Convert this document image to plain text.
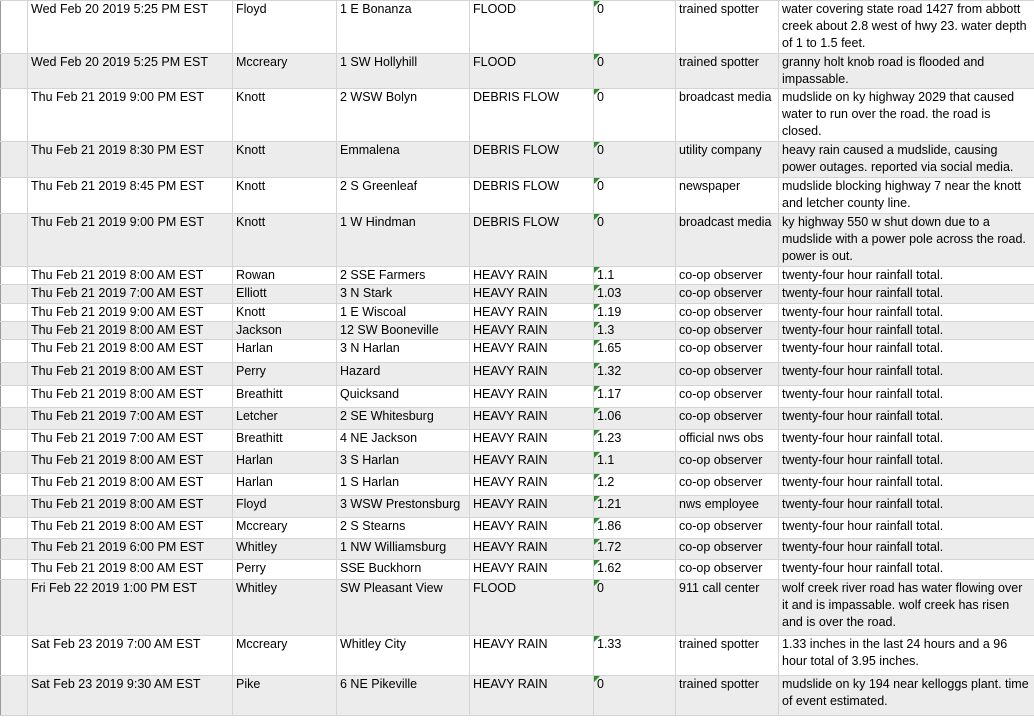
	Wed Feb 20 2019 5:25 PM EST	Floyd	1 E Bonanza	FLOOD	0	trained spotter	water covering state road 1427 from abbott creek about 2.8 west of hwy 23. water depth of 1 to 1.5 feet.
	Wed Feb 20 2019 5:25 PM EST	Mccreary	1 SW Hollyhill	FLOOD	0	trained spotter	granny holt knob road is flooded and impassable.
	Thu Feb 21 2019 9:00 PM EST	Knott	2 WSW Bolyn	DEBRIS FLOW	0	broadcast media	mudslide on ky highway 2029 that caused water to run over the road. the road is closed.
	Thu Feb 21 2019 8:30 PM EST	Knott	Emmalena	DEBRIS FLOW	0	utility company	heavy rain caused a mudslide, causing power outages. reported via social media.
	Thu Feb 21 2019 8:45 PM EST	Knott	2 S Greenleaf	DEBRIS FLOW	0	newspaper	mudslide blocking highway 7 near the knott and letcher county line.
	Thu Feb 21 2019 9:00 PM EST	Knott	1 W Hindman	DEBRIS FLOW	0	broadcast media	ky highway 550 w shut down due to a mudslide with a power pole across the road. power is out.
	Thu Feb 21 2019 8:00 AM EST	Rowan	2 SSE Farmers	HEAVY RAIN	1.1	co-op observer	twenty-four hour rainfall total.
	Thu Feb 21 2019 7:00 AM EST	Elliott	3 N Stark	HEAVY RAIN	1.03	co-op observer	twenty-four hour rainfall total.
	Thu Feb 21 2019 9:00 AM EST	Knott	1 E Wiscoal	HEAVY RAIN	1.19	co-op observer	twenty-four hour rainfall total.
	Thu Feb 21 2019 8:00 AM EST	Jackson	12 SW Booneville	HEAVY RAIN	1.3	co-op observer	twenty-four hour rainfall total.
	Thu Feb 21 2019 8:00 AM EST	Harlan	3 N Harlan	HEAVY RAIN	1.65	co-op observer	twenty-four hour rainfall total.
	Thu Feb 21 2019 8:00 AM EST	Perry	Hazard	HEAVY RAIN	1.32	co-op observer	twenty-four hour rainfall total.
	Thu Feb 21 2019 8:00 AM EST	Breathitt	Quicksand	HEAVY RAIN	1.17	co-op observer	twenty-four hour rainfall total.
	Thu Feb 21 2019 7:00 AM EST	Letcher	2 SE Whitesburg	HEAVY RAIN	1.06	co-op observer	twenty-four hour rainfall total.
	Thu Feb 21 2019 7:00 AM EST	Breathitt	4 NE Jackson	HEAVY RAIN	1.23	official nws obs	twenty-four hour rainfall total.
	Thu Feb 21 2019 8:00 AM EST	Harlan	3 S Harlan	HEAVY RAIN	1.1	co-op observer	twenty-four hour rainfall total.
	Thu Feb 21 2019 8:00 AM EST	Harlan	1 S Harlan	HEAVY RAIN	1.2	co-op observer	twenty-four hour rainfall total.
	Thu Feb 21 2019 8:00 AM EST	Floyd	3 WSW Prestonsburg	HEAVY RAIN	1.21	nws employee	twenty-four hour rainfall total.
	Thu Feb 21 2019 8:00 AM EST	Mccreary	2 S Stearns	HEAVY RAIN	1.86	co-op observer	twenty-four hour rainfall total.
	Thu Feb 21 2019 6:00 PM EST	Whitley	1 NW Williamsburg	HEAVY RAIN	1.72	co-op observer	twenty-four hour rainfall total.
	Thu Feb 21 2019 8:00 AM EST	Perry	SSE Buckhorn	HEAVY RAIN	1.62	co-op observer	twenty-four hour rainfall total.
	Fri Feb 22 2019 1:00 PM EST	Whitley	SW Pleasant View	FLOOD	0	911 call center	wolf creek river road has water flowing over it and is impassable. wolf creek has risen and is over the road.
	Sat Feb 23 2019 7:00 AM EST	Mccreary	Whitley City	HEAVY RAIN	1.33	trained spotter	1.33 inches in the last 24 hours and a 96 hour total of 3.95 inches.
	Sat Feb 23 2019 9:30 AM EST	Pike	6 NE Pikeville	HEAVY RAIN	0	trained spotter	mudslide on ky 194 near kelloggs plant. time of event estimated.
